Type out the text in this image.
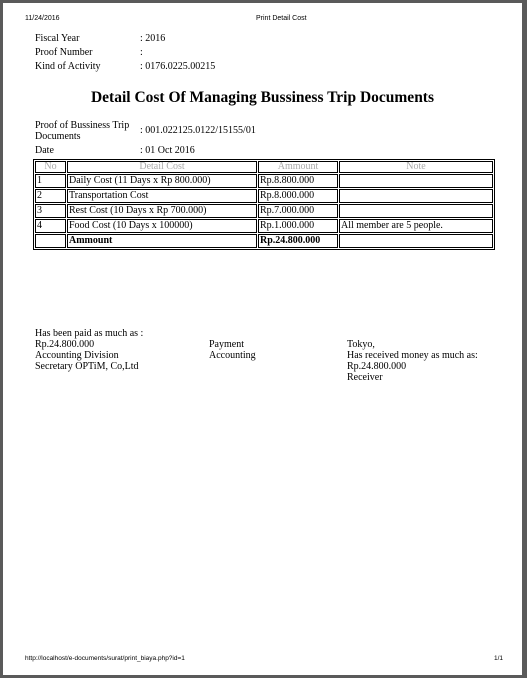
11/24/2016	Print Detail Cost
Fiscal Year	: 2016
Proof Number	:
Kind of Activity	: 0176.0225.00215
Detail Cost Of Managing Bussiness Trip Documents
Proof of Bussiness Trip
Documents
: 001.022125.0122/15155/01
Date	: 01 Oct 2016
No	Detail Cost	Ammount	Note
1	Daily Cost (11 Days x Rp 800.000)	Rp.8.800.000	
2	Transportation Cost	Rp.8.000.000	
3	Rest Cost (10 Days x Rp 700.000)	Rp.7.000.000	
4	Food Cost (10 Days x 100000)	Rp.1.000.000	All member are 5 people.
	Ammount	Rp.24.800.000	
Has been paid as much as :
Rp.24.800.000
Accounting Division
Secretary OPTiM, Co,Ltd
Payment
Accounting
Tokyo,
Has received money as much as:
Rp.24.800.000
Receiver
http://localhost/e-documents/surat/print_biaya.php?id=1	1/1
